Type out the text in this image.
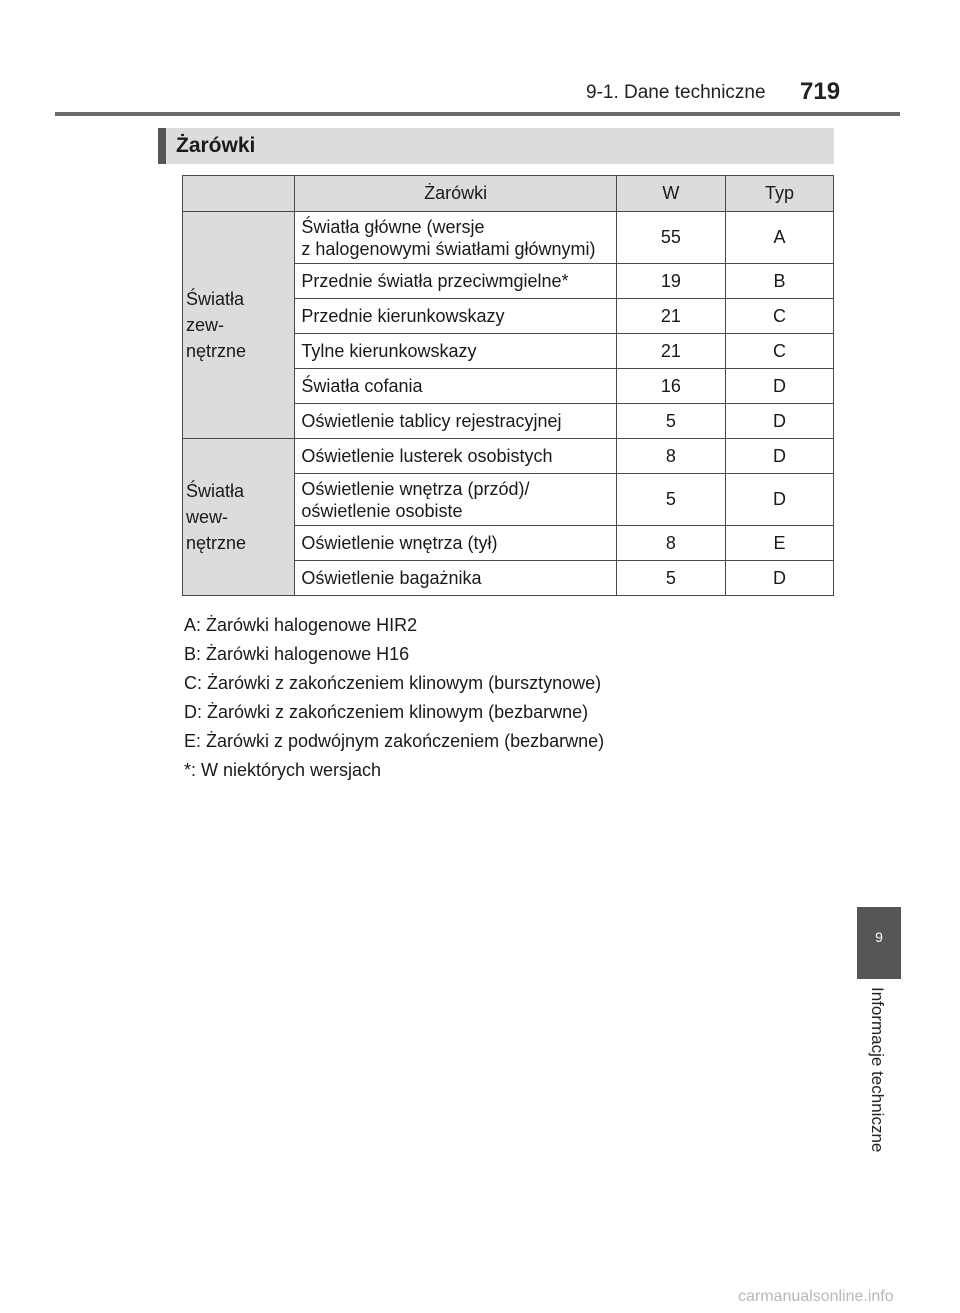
9-1. Dane techniczne 719
Żarówki
	Żarówki	W	Typ
Światła
zew-
nętrzne	Światła główne (wersje
z halogenowymi światłami głównymi)	55	A
	Przednie światła przeciwmgielne*	19	B
	Przednie kierunkowskazy	21	C
	Tylne kierunkowskazy	21	C
	Światła cofania	16	D
	Oświetlenie tablicy rejestracyjnej	5	D
Światła
wew-
nętrzne	Oświetlenie lusterek osobistych	8	D
	Oświetlenie wnętrza (przód)/
oświetlenie osobiste	5	D
	Oświetlenie wnętrza (tył)	8	E
	Oświetlenie bagażnika	5	D
A: Żarówki halogenowe HIR2
B: Żarówki halogenowe H16
C: Żarówki z zakończeniem klinowym (bursztynowe)
D: Żarówki z zakończeniem klinowym (bezbarwne)
E: Żarówki z podwójnym zakończeniem (bezbarwne)
*: W niektórych wersjach
9
Informacje techniczne
carmanualsonline.info
